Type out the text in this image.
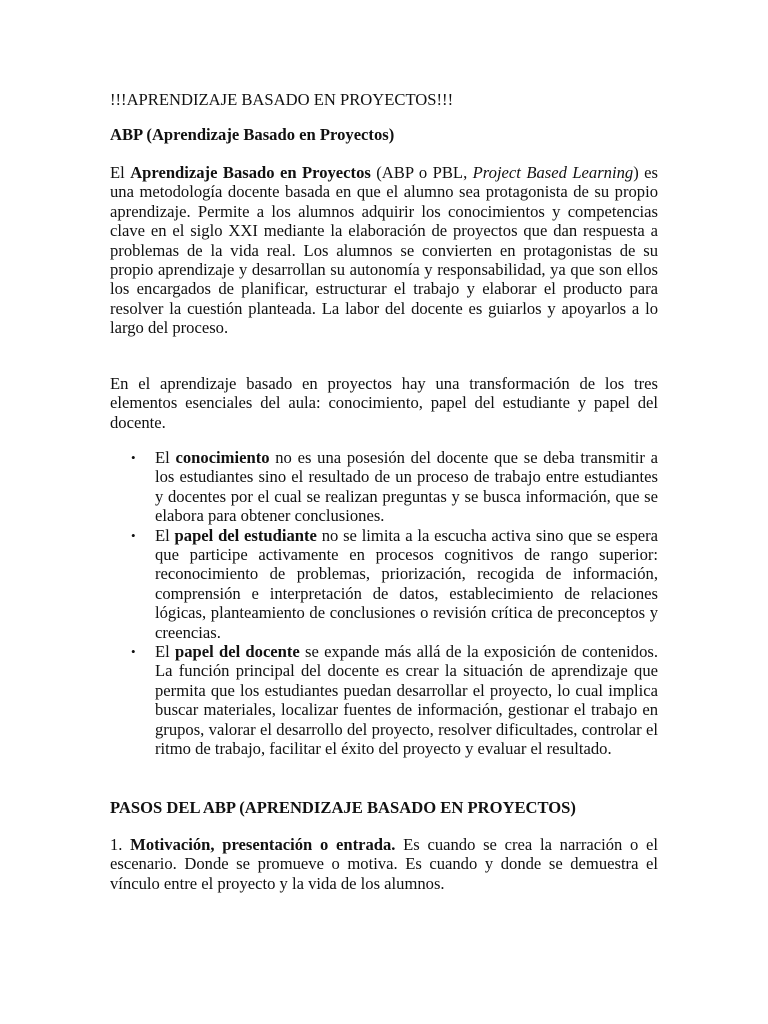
!!!APRENDIZAJE BASADO EN PROYECTOS!!!

ABP (Aprendizaje Basado en Proyectos)

El Aprendizaje Basado en Proyectos (ABP o PBL, Project Based Learning) es una metodología docente basada en que el alumno sea protagonista de su propio aprendizaje. Permite a los alumnos adquirir los conocimientos y competencias clave en el siglo XXI mediante la elaboración de proyectos que dan respuesta a problemas de la vida real. Los alumnos se convierten en protagonistas de su propio aprendizaje y desarrollan su autonomía y responsabilidad, ya que son ellos los encargados de planificar, estructurar el trabajo y elaborar el producto para resolver la cuestión planteada. La labor del docente es guiarlos y apoyarlos a lo largo del proceso.

En el aprendizaje basado en proyectos hay una transformación de los tres elementos esenciales del aula: conocimiento, papel del estudiante y papel del docente.

• El conocimiento no es una posesión del docente que se deba transmitir a los estudiantes sino el resultado de un proceso de trabajo entre estudiantes y docentes por el cual se realizan preguntas y se busca información, que se elabora para obtener conclusiones.
• El papel del estudiante no se limita a la escucha activa sino que se espera que participe activamente en procesos cognitivos de rango superior: reconocimiento de problemas, priorización, recogida de información, comprensión e interpretación de datos, establecimiento de relaciones lógicas, planteamiento de conclusiones o revisión crítica de preconceptos y creencias.
• El papel del docente se expande más allá de la exposición de contenidos. La función principal del docente es crear la situación de aprendizaje que permita que los estudiantes puedan desarrollar el proyecto, lo cual implica buscar materiales, localizar fuentes de información, gestionar el trabajo en grupos, valorar el desarrollo del proyecto, resolver dificultades, controlar el ritmo de trabajo, facilitar el éxito del proyecto y evaluar el resultado.

PASOS DEL ABP (APRENDIZAJE BASADO EN PROYECTOS)

1. Motivación, presentación o entrada. Es cuando se crea la narración o el escenario. Donde se promueve o motiva. Es cuando y donde se demuestra el vínculo entre el proyecto y la vida de los alumnos.
